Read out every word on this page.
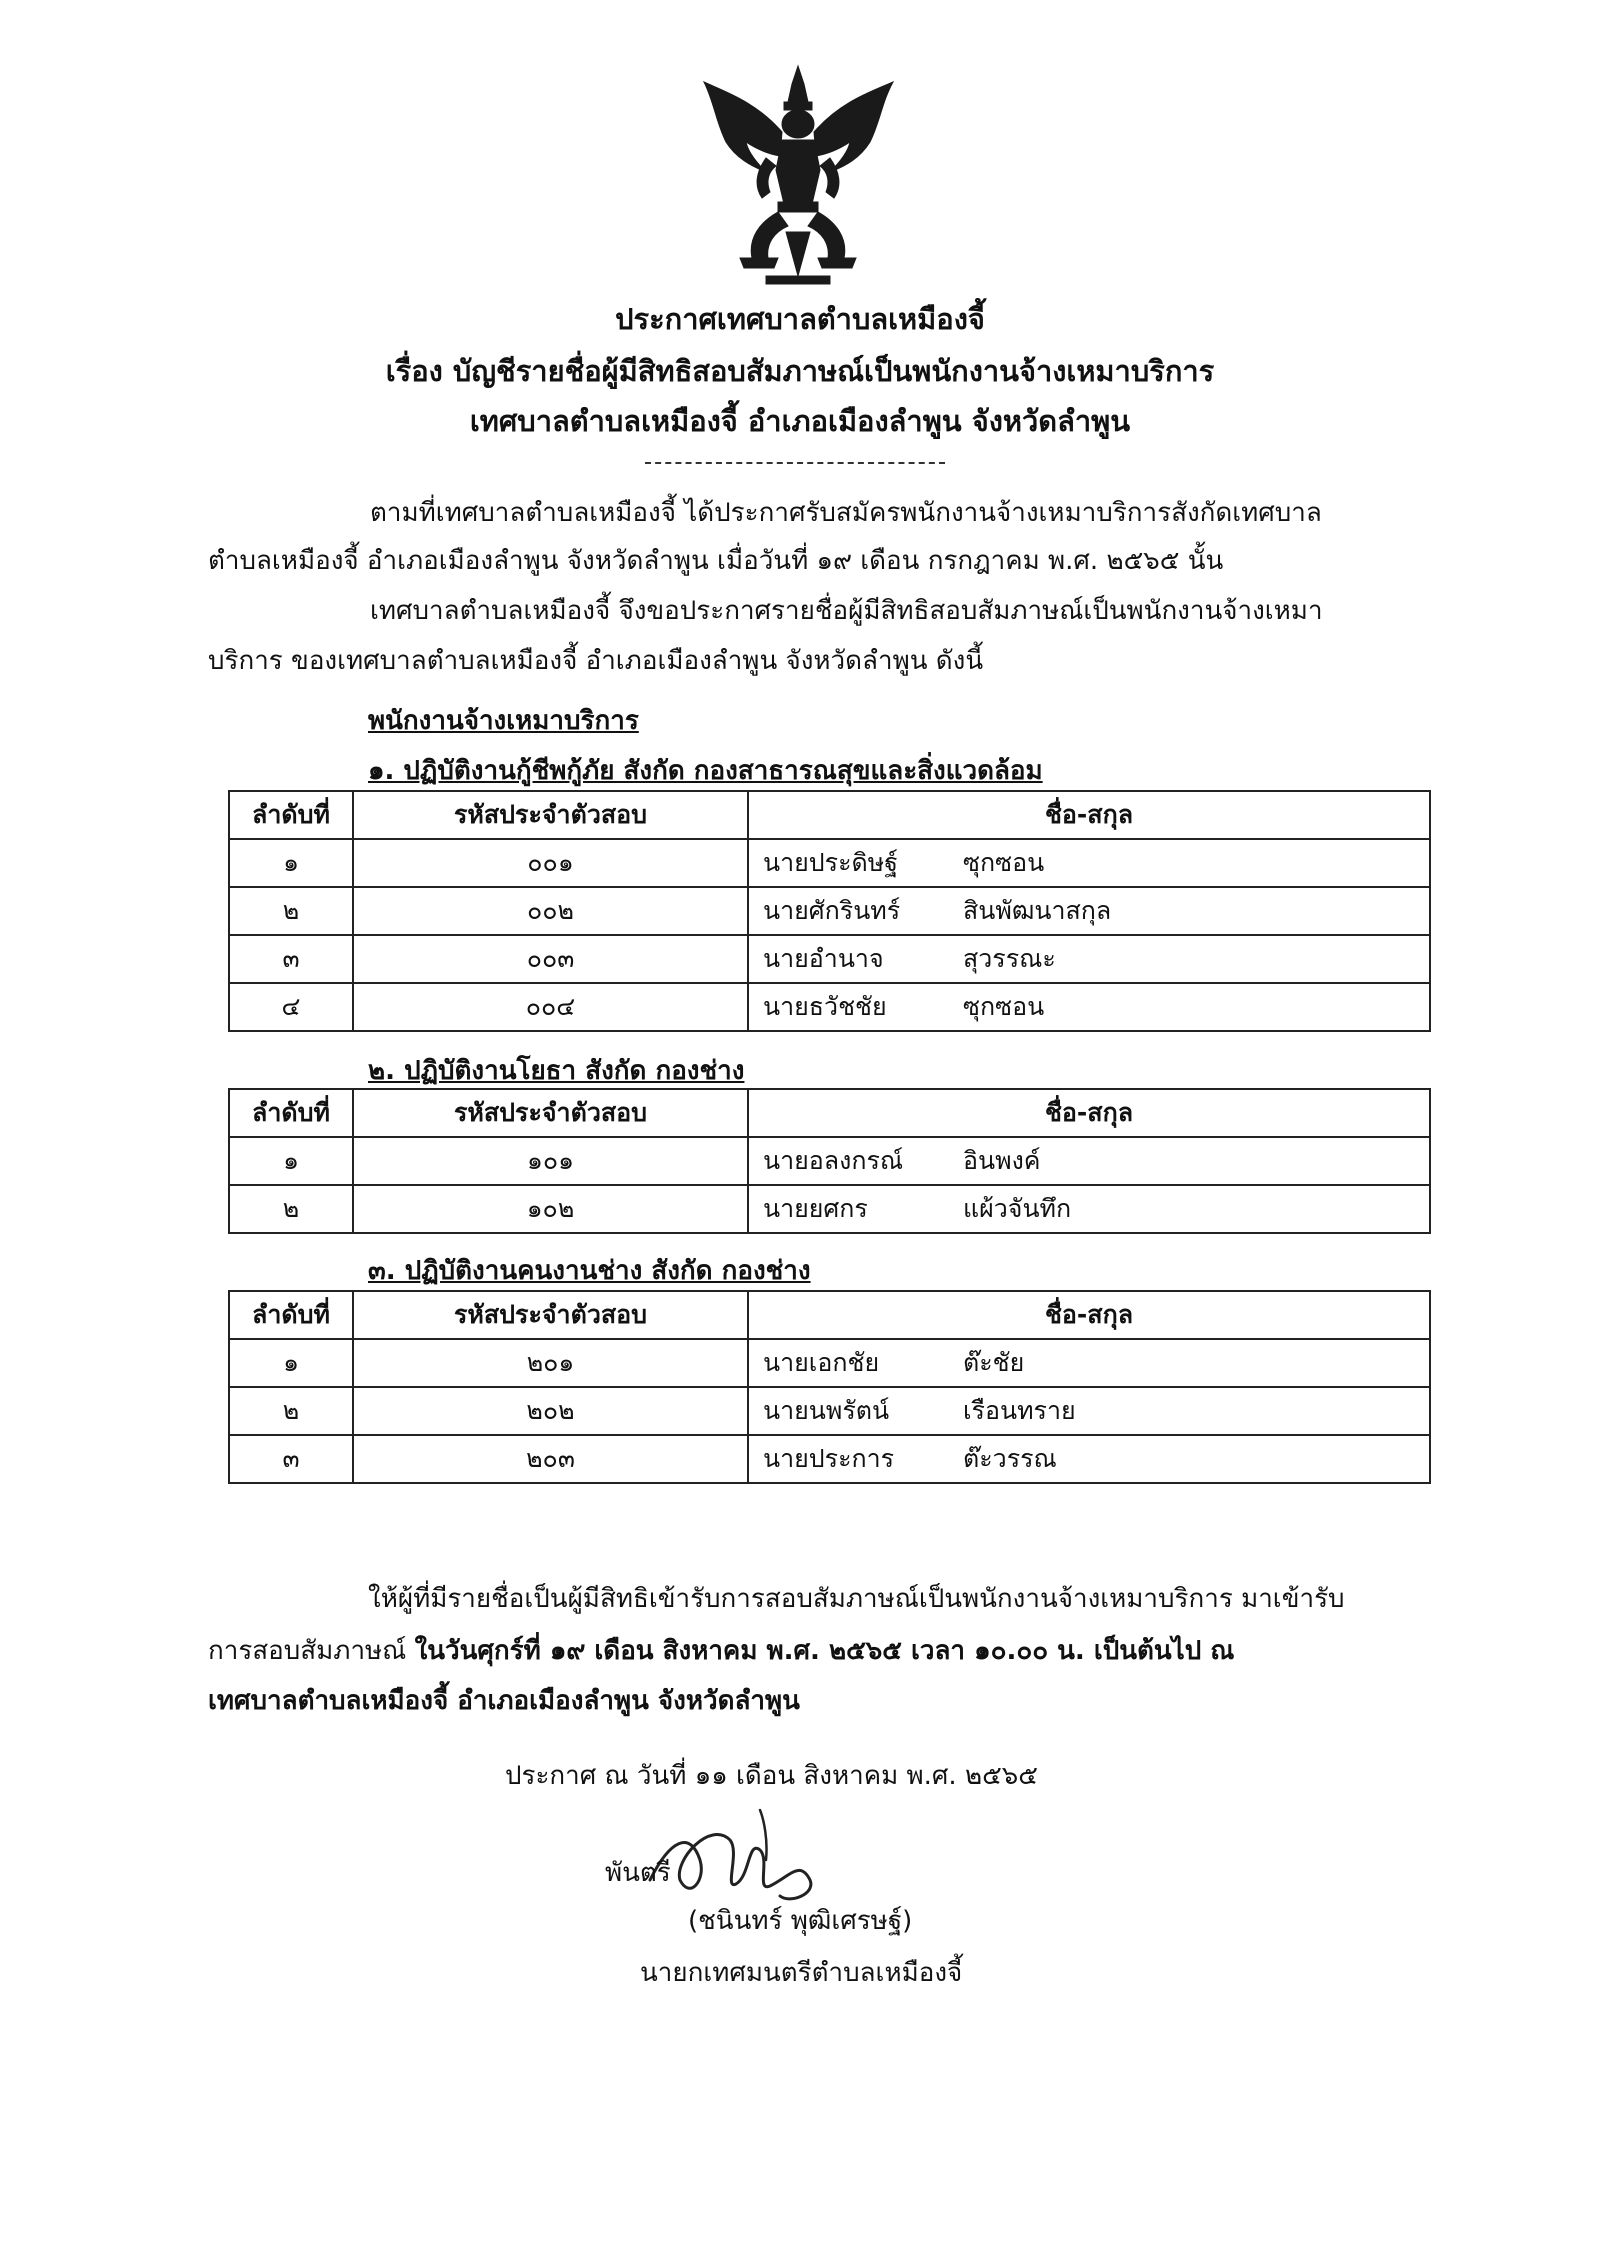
ประกาศเทศบาลตำบลเหมืองจี้
เรื่อง บัญชีรายชื่อผู้มีสิทธิสอบสัมภาษณ์เป็นพนักงานจ้างเหมาบริการ
เทศบาลตำบลเหมืองจี้ อำเภอเมืองลำพูน จังหวัดลำพูน
ตามที่เทศบาลตำบลเหมืองจี้ ได้ประกาศรับสมัครพนักงานจ้างเหมาบริการสังกัดเทศบาล
ตำบลเหมืองจี้ อำเภอเมืองลำพูน จังหวัดลำพูน เมื่อวันที่ ๑๙ เดือน กรกฎาคม พ.ศ. ๒๕๖๕ นั้น
เทศบาลตำบลเหมืองจี้ จึงขอประกาศรายชื่อผู้มีสิทธิสอบสัมภาษณ์เป็นพนักงานจ้างเหมา
บริการ ของเทศบาลตำบลเหมืองจี้ อำเภอเมืองลำพูน จังหวัดลำพูน ดังนี้
พนักงานจ้างเหมาบริการ
๑. ปฏิบัติงานกู้ชีพกู้ภัย สังกัด กองสาธารณสุขและสิ่งแวดล้อม
ลำดับที่	รหัสประจำตัวสอบ	ชื่อ-สกุล
๑	๐๐๑	นายประดิษฐ์ ซุกซอน
๒	๐๐๒	นายศักรินทร์ สินพัฒนาสกุล
๓	๐๐๓	นายอำนาจ สุวรรณะ
๔	๐๐๔	นายธวัชชัย ซุกซอน
๒. ปฏิบัติงานโยธา สังกัด กองช่าง
ลำดับที่	รหัสประจำตัวสอบ	ชื่อ-สกุล
๑	๑๐๑	นายอลงกรณ์ อินพงค์
๒	๑๐๒	นายยศกร แผ้วจันทึก
๓. ปฏิบัติงานคนงานช่าง สังกัด กองช่าง
ลำดับที่	รหัสประจำตัวสอบ	ชื่อ-สกุล
๑	๒๐๑	นายเอกชัย ต๊ะชัย
๒	๒๐๒	นายนพรัตน์ เรือนทราย
๓	๒๐๓	นายประการ ต๊ะวรรณ
ให้ผู้ที่มีรายชื่อเป็นผู้มีสิทธิเข้ารับการสอบสัมภาษณ์เป็นพนักงานจ้างเหมาบริการ มาเข้ารับ
การสอบสัมภาษณ์ ในวันศุกร์ที่ ๑๙ เดือน สิงหาคม พ.ศ. ๒๕๖๕ เวลา ๑๐.๐๐ น. เป็นต้นไป ณ
เทศบาลตำบลเหมืองจี้ อำเภอเมืองลำพูน จังหวัดลำพูน
ประกาศ ณ วันที่ ๑๑ เดือน สิงหาคม พ.ศ. ๒๕๖๕
พันตรี
(ชนินทร์ พุฒิเศรษฐ์)
นายกเทศมนตรีตำบลเหมืองจี้
